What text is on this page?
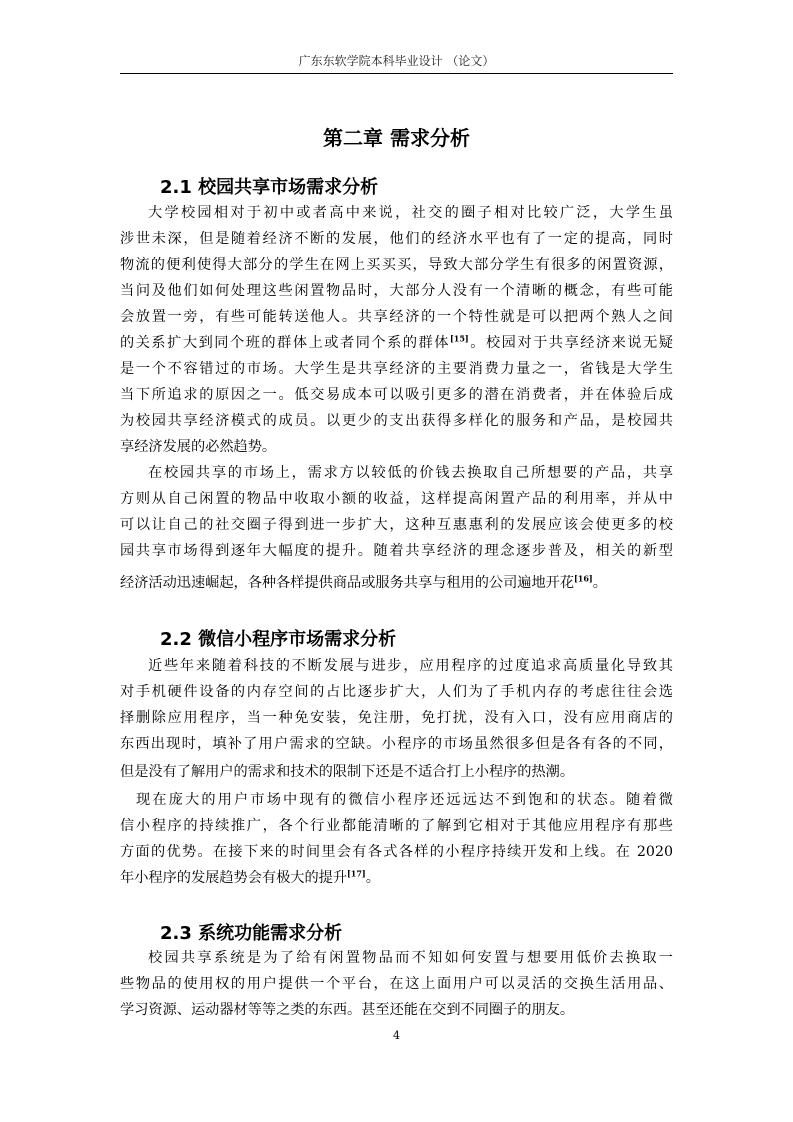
广东东软学院本科毕业设计 （论文）
第二章 需求分析
2.1 校园共享市场需求分析
大学校园相对于初中或者高中来说，社交的圈子相对比较广泛，大学生虽
涉世未深，但是随着经济不断的发展，他们的经济水平也有了一定的提高，同时
物流的便利使得大部分的学生在网上买买买，导致大部分学生有很多的闲置资源，
当问及他们如何处理这些闲置物品时，大部分人没有一个清晰的概念，有些可能
会放置一旁，有些可能转送他人。共享经济的一个特性就是可以把两个熟人之间
的关系扩大到同个班的群体上或者同个系的群体[15]。校园对于共享经济来说无疑
是一个不容错过的市场。大学生是共享经济的主要消费力量之一，省钱是大学生
当下所追求的原因之一。低交易成本可以吸引更多的潜在消费者，并在体验后成
为校园共享经济模式的成员。以更少的支出获得多样化的服务和产品，是校园共
享经济发展的必然趋势。
在校园共享的市场上，需求方以较低的价钱去换取自己所想要的产品，共享
方则从自己闲置的物品中收取小额的收益，这样提高闲置产品的利用率，并从中
可以让自己的社交圈子得到进一步扩大，这种互惠惠利的发展应该会使更多的校
园共享市场得到逐年大幅度的提升。随着共享经济的理念逐步普及，相关的新型
经济活动迅速崛起，各种各样提供商品或服务共享与租用的公司遍地开花[16]。
2.2 微信小程序市场需求分析
近些年来随着科技的不断发展与进步，应用程序的过度追求高质量化导致其
对手机硬件设备的内存空间的占比逐步扩大，人们为了手机内存的考虑往往会选
择删除应用程序，当一种免安装，免注册，免打扰，没有入口，没有应用商店的
东西出现时，填补了用户需求的空缺。小程序的市场虽然很多但是各有各的不同，
但是没有了解用户的需求和技术的限制下还是不适合打上小程序的热潮。
现在庞大的用户市场中现有的微信小程序还远远达不到饱和的状态。随着微
信小程序的持续推广，各个行业都能清晰的了解到它相对于其他应用程序有那些
方面的优势。在接下来的时间里会有各式各样的小程序持续开发和上线。在 2020
年小程序的发展趋势会有极大的提升[17]。
2.3 系统功能需求分析
校园共享系统是为了给有闲置物品而不知如何安置与想要用低价去换取一
些物品的使用权的用户提供一个平台，在这上面用户可以灵活的交换生活用品、
学习资源、运动器材等等之类的东西。甚至还能在交到不同圈子的朋友。
4
